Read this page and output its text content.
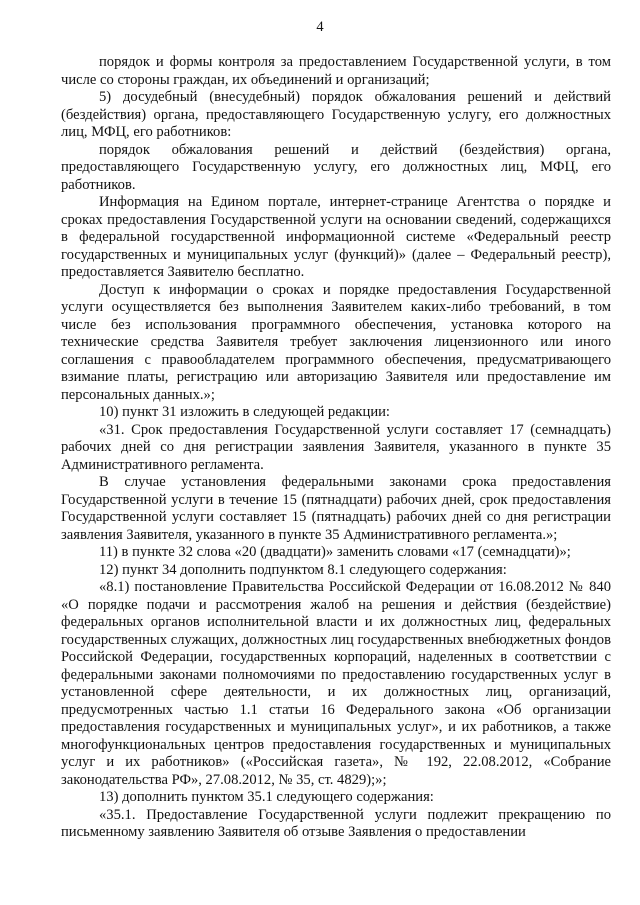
4

порядок и формы контроля за предоставлением Государственной услуги, в том числе со стороны граждан, их объединений и организаций;

5) досудебный (внесудебный) порядок обжалования решений и действий (бездействия) органа, предоставляющего Государственную услугу, его должностных лиц, МФЦ, его работников:

порядок обжалования решений и действий (бездействия) органа, предоставляющего Государственную услугу, его должностных лиц, МФЦ, его работников.

Информация на Едином портале, интернет-странице Агентства о порядке и сроках предоставления Государственной услуги на основании сведений, содержащихся в федеральной государственной информационной системе «Федеральный реестр государственных и муниципальных услуг (функций)» (далее – Федеральный реестр), предоставляется Заявителю бесплатно.

Доступ к информации о сроках и порядке предоставления Государственной услуги осуществляется без выполнения Заявителем каких-либо требований, в том числе без использования программного обеспечения, установка которого на технические средства Заявителя требует заключения лицензионного или иного соглашения с правообладателем программного обеспечения, предусматривающего взимание платы, регистрацию или авторизацию Заявителя или предоставление им персональных данных.»;

10) пункт 31 изложить в следующей редакции:

«31. Срок предоставления Государственной услуги составляет 17 (семнадцать) рабочих дней со дня регистрации заявления Заявителя, указанного в пункте 35 Административного регламента.

В случае установления федеральными законами срока предоставления Государственной услуги в течение 15 (пятнадцати) рабочих дней, срок предоставления Государственной услуги составляет 15 (пятнадцать) рабочих дней со дня регистрации заявления Заявителя, указанного в пункте 35 Административного регламента.»;

11) в пункте 32 слова «20 (двадцати)» заменить словами «17 (семнадцати)»;

12) пункт 34 дополнить подпунктом 8.1 следующего содержания:

«8.1) постановление Правительства Российской Федерации от 16.08.2012 № 840 «О порядке подачи и рассмотрения жалоб на решения и действия (бездействие) федеральных органов исполнительной власти и их должностных лиц, федеральных государственных служащих, должностных лиц государственных внебюджетных фондов Российской Федерации, государственных корпораций, наделенных в соответствии с федеральными законами полномочиями по предоставлению государственных услуг в установленной сфере деятельности, и их должностных лиц, организаций, предусмотренных частью 1.1 статьи 16 Федерального закона «Об организации предоставления государственных и муниципальных услуг», и их работников, а также многофункциональных центров предоставления государственных и муниципальных услуг и их работников» («Российская газета», № 192, 22.08.2012, «Собрание законодательства РФ», 27.08.2012, № 35, ст. 4829);»;

13) дополнить пунктом 35.1 следующего содержания:

«35.1. Предоставление Государственной услуги подлежит прекращению по письменному заявлению Заявителя об отзыве Заявления о предоставлении
